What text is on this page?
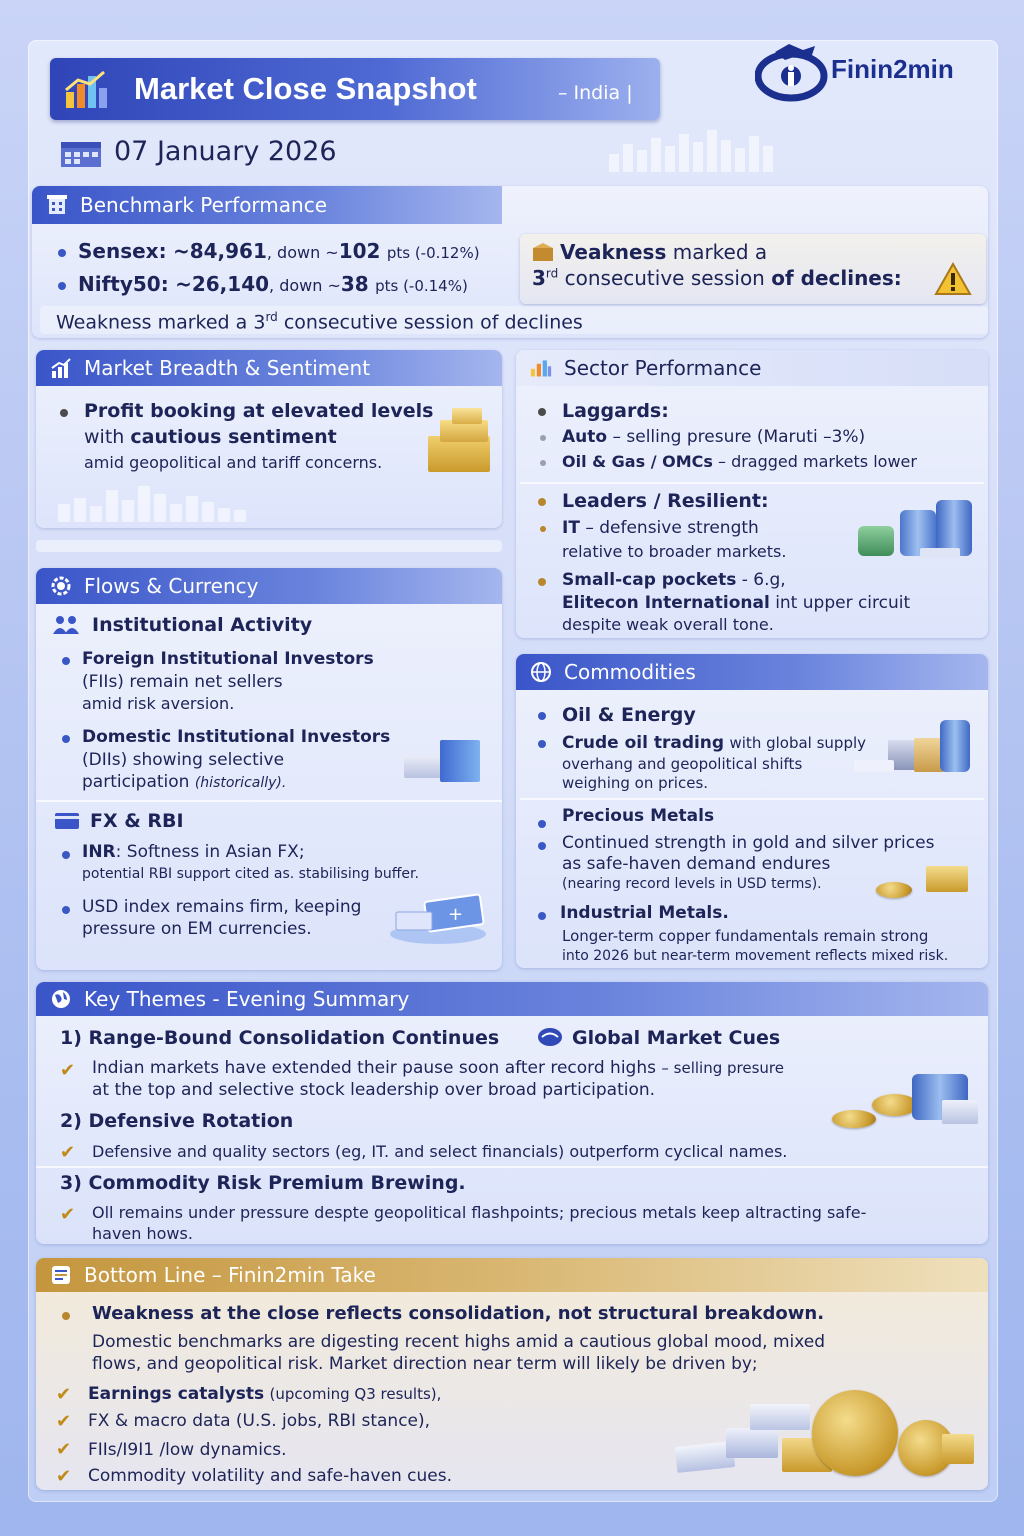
Market Close Snapshot	– India |
Finin2min
07 January 2026
Benchmark Performance
Sensex: ~84,961, down ~102 pts (-0.12%)
Nifty50: ~26,140, down ~38 pts (-0.14%)
Veakness marked a
3rd consecutive session of declines:
Weakness marked a 3rd consecutive session of declines
Market Breadth & Sentiment
Profit booking at elevated levels
with cautious sentiment
amid geopolitical and tariff concerns.
Sector Performance
Laggards:
Auto – selling presure (Maruti –3%)
Oil & Gas / OMCs – dragged markets lower
Leaders / Resilient:
IT – defensive strength
relative to broader markets.
Small-cap pockets - 6.g,
Elitecon International int upper circuit
despite weak overall tone.
Flows & Currency
Institutional Activity
Foreign Institutional Investors
(FIIs) remain net sellers
amid risk aversion.
Domestic Institutional Investors
(DIIs) showing selective
participation (historically).
FX & RBI
INR: Softness in Asian FX;
potential RBI support cited as. stabilising buffer.
USD index remains firm, keeping
pressure on EM currencies.
+
Commodities
Oil & Energy
Crude oil trading with global supply
overhang and geopolitical shifts
weighing on prices.
Precious Metals
Continued strength in gold and silver prices
as safe-haven demand endures
(nearing record levels in USD terms).
Industrial Metals.
Longer-term copper fundamentals remain strong
into 2026 but near-term movement reflects mixed risk.
Key Themes - Evening Summary
1) Range-Bound Consolidation Continues	Global Market Cues
✔ Indian markets have extended their pause soon after record highs – selling presure
at the top and selective stock leadership over broad participation.
2) Defensive Rotation
✔ Defensive and quality sectors (eg, IT. and select financials) outperform cyclical names.
3) Commodity Risk Premium Brewing.
✔ Oll remains under pressure despte geopolitical flashpoints; precious metals keep altracting safe-
haven hows.
Bottom Line – Finin2min Take
Weakness at the close reflects consolidation, not structural breakdown.
Domestic benchmarks are digesting recent highs amid a cautious global mood, mixed
flows, and geopolitical risk. Market direction near term will likely be driven by;
✔ Earnings catalysts (upcoming Q3 results),
✔ FX & macro data (U.S. jobs, RBI stance),
✔ FIIs/I9I1 /low dynamics.
✔ Commodity volatility and safe-haven cues.
